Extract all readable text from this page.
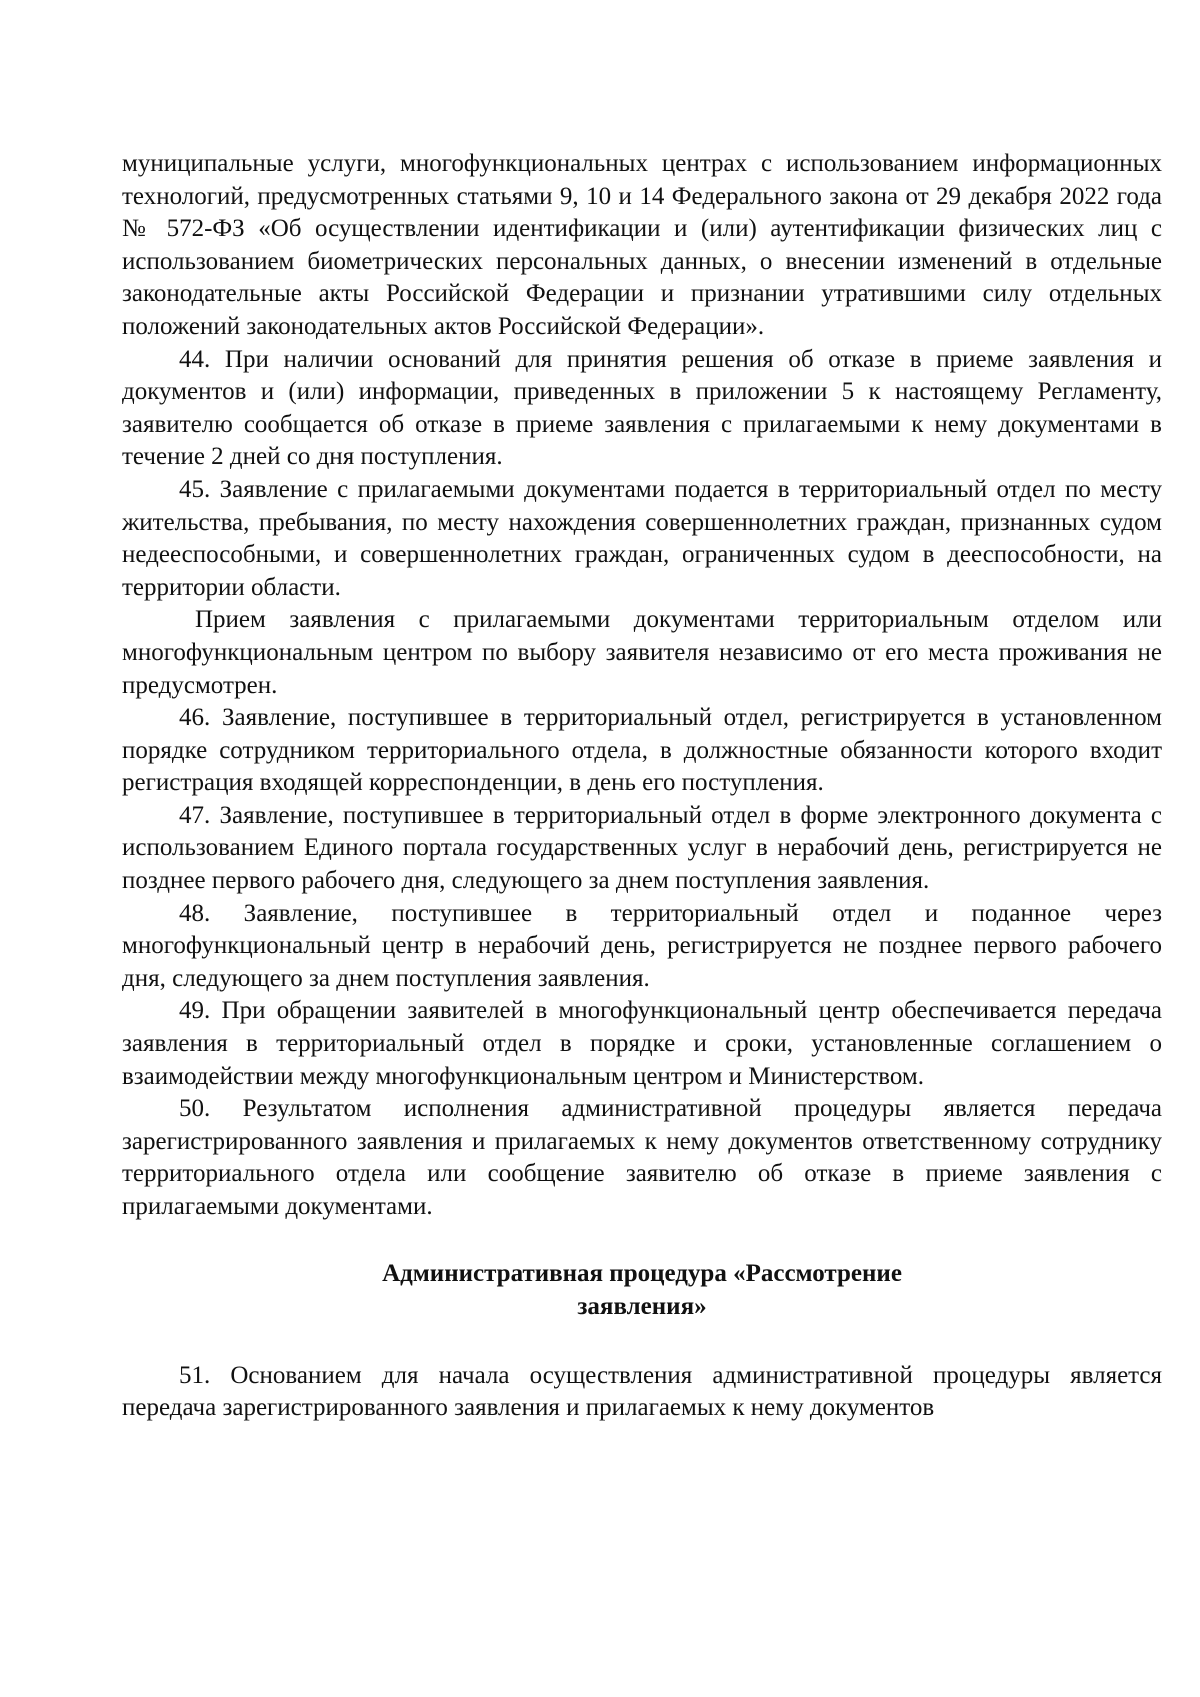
муниципальные услуги, многофункциональных центрах с использованием информационных технологий, предусмотренных статьями 9, 10 и 14 Федерального закона от 29 декабря 2022 года № 572-ФЗ «Об осуществлении идентификации и (или) аутентификации физических лиц с использованием биометрических персональных данных, о внесении изменений в отдельные законодательные акты Российской Федерации и признании утратившими силу отдельных положений законодательных актов Российской Федерации».

44. При наличии оснований для принятия решения об отказе в приеме заявления и документов и (или) информации, приведенных в приложении 5 к настоящему Регламенту, заявителю сообщается об отказе в приеме заявления с прилагаемыми к нему документами в течение 2 дней со дня поступления.

45. Заявление с прилагаемыми документами подается в территориальный отдел по месту жительства, пребывания, по месту нахождения совершеннолетних граждан, признанных судом недееспособными, и совершеннолетних граждан, ограниченных судом в дееспособности, на территории области.

Прием заявления с прилагаемыми документами территориальным отделом или многофункциональным центром по выбору заявителя независимо от его места проживания не предусмотрен.

46. Заявление, поступившее в территориальный отдел, регистрируется в установленном порядке сотрудником территориального отдела, в должностные обязанности которого входит регистрация входящей корреспонденции, в день его поступления.

47. Заявление, поступившее в территориальный отдел в форме электронного документа с использованием Единого портала государственных услуг в нерабочий день, регистрируется не позднее первого рабочего дня, следующего за днем поступления заявления.

48. Заявление, поступившее в территориальный отдел и поданное через многофункциональный центр в нерабочий день, регистрируется не позднее первого рабочего дня, следующего за днем поступления заявления.

49. При обращении заявителей в многофункциональный центр обеспечивается передача заявления в территориальный отдел в порядке и сроки, установленные соглашением о взаимодействии между многофункциональным центром и Министерством.

50. Результатом исполнения административной процедуры является передача зарегистрированного заявления и прилагаемых к нему документов ответственному сотруднику территориального отдела или сообщение заявителю об отказе в приеме заявления с прилагаемыми документами.

Административная процедура «Рассмотрение
заявления»

51. Основанием для начала осуществления административной процедуры является передача зарегистрированного заявления и прилагаемых к нему документов
